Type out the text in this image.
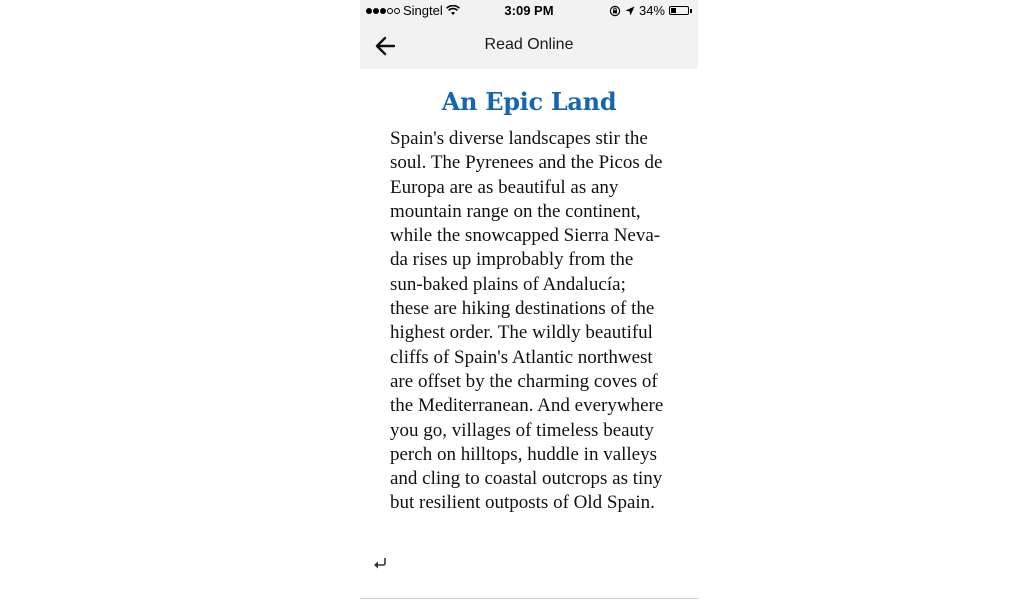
Singtel	3:09 PM	34%
Read Online
An Epic Land

Spain's diverse landscapes stir the
soul. The Pyrenees and the Picos de
Europa are as beautiful as any
mountain range on the continent,
while the snowcapped Sierra Neva-
da rises up improbably from the
sun-baked plains of Andalucía;
these are hiking destinations of the
highest order. The wildly beautiful
cliffs of Spain's Atlantic northwest
are offset by the charming coves of
the Mediterranean. And everywhere
you go, villages of timeless beauty
perch on hilltops, huddle in valleys
and cling to coastal outcrops as tiny
but resilient outposts of Old Spain.
